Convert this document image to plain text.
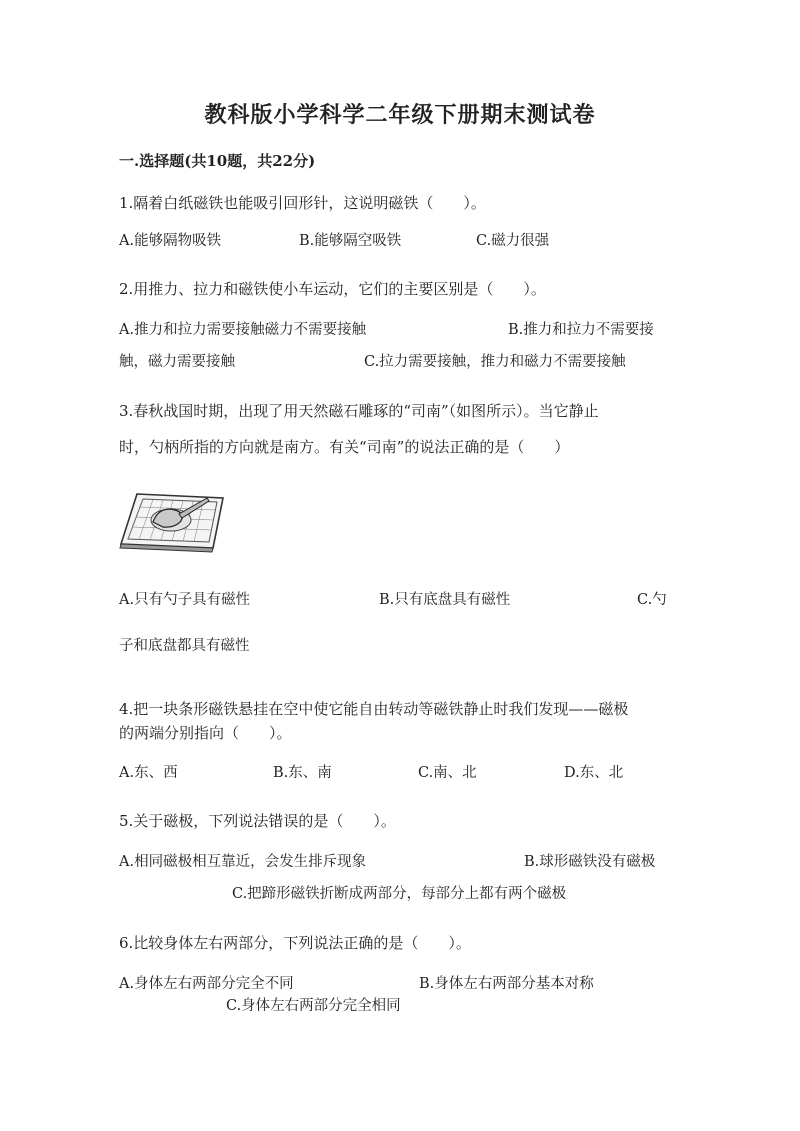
教科版小学科学二年级下册期末测试卷
一.选择题(共10题，共22分)
1.隔着白纸磁铁也能吸引回形针，这说明磁铁（　　）。
A.能够隔物吸铁	B.能够隔空吸铁	C.磁力很强
2.用推力、拉力和磁铁使小车运动，它们的主要区别是（　　）。
A.推力和拉力需要接触磁力不需要接触	B.推力和拉力不需要接
触，磁力需要接触	C.拉力需要接触，推力和磁力不需要接触
3.春秋战国时期，出现了用天然磁石雕琢的“司南”（如图所示）。当它静止
时，勺柄所指的方向就是南方。有关“司南”的说法正确的是（　　）
A.只有勺子具有磁性	B.只有底盘具有磁性	C.勺
子和底盘都具有磁性
4.把一块条形磁铁悬挂在空中使它能自由转动等磁铁静止时我们发现——磁极
的两端分别指向（　　）。
A.东、西	B.东、南	C.南、北	D.东、北
5.关于磁极，下列说法错误的是（　　）。
A.相同磁极相互靠近，会发生排斥现象	B.球形磁铁没有磁极
C.把蹄形磁铁折断成两部分，每部分上都有两个磁极
6.比较身体左右两部分，下列说法正确的是（　　）。
A.身体左右两部分完全不同	B.身体左右两部分基本对称
C.身体左右两部分完全相同
